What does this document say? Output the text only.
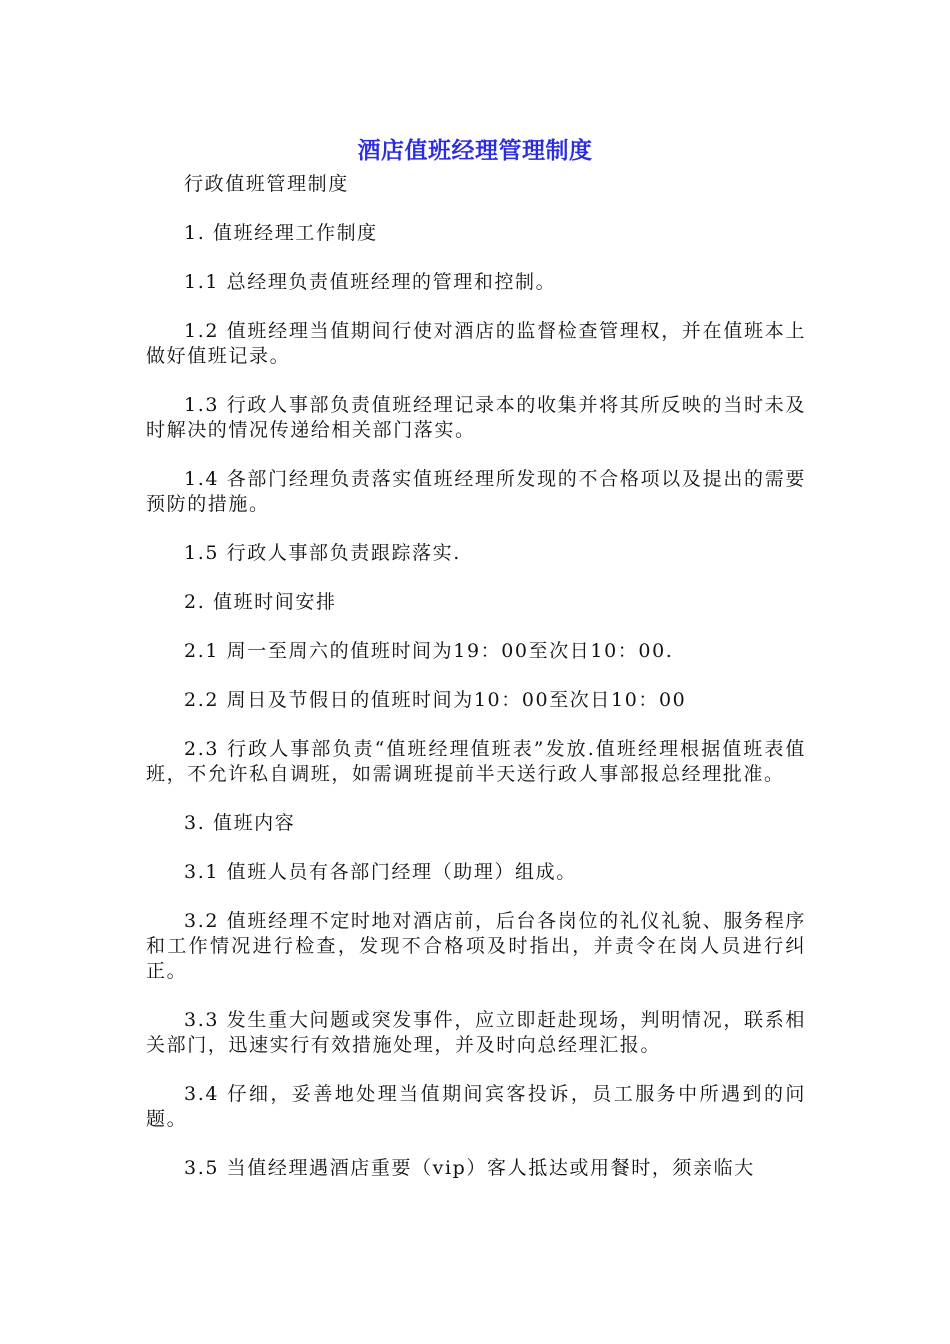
酒店值班经理管理制度

行政值班管理制度

1. 值班经理工作制度

1.1 总经理负责值班经理的管理和控制。

1.2 值班经理当值期间行使对酒店的监督检查管理权，并在值班本上做好值班记录。

1.3 行政人事部负责值班经理记录本的收集并将其所反映的当时未及时解决的情况传递给相关部门落实。

1.4 各部门经理负责落实值班经理所发现的不合格项以及提出的需要预防的措施。

1.5 行政人事部负责跟踪落实.

2. 值班时间安排

2.1 周一至周六的值班时间为19：00至次日10：00.

2.2 周日及节假日的值班时间为10：00至次日10：00

2.3 行政人事部负责“值班经理值班表”发放.值班经理根据值班表值班，不允许私自调班，如需调班提前半天送行政人事部报总经理批准。

3. 值班内容

3.1 值班人员有各部门经理（助理）组成。

3.2 值班经理不定时地对酒店前，后台各岗位的礼仪礼貌、服务程序和工作情况进行检查，发现不合格项及时指出，并责令在岗人员进行纠正。

3.3 发生重大问题或突发事件，应立即赶赴现场，判明情况，联系相关部门，迅速实行有效措施处理，并及时向总经理汇报。

3.4 仔细，妥善地处理当值期间宾客投诉，员工服务中所遇到的问题。

3.5 当值经理遇酒店重要（vip）客人抵达或用餐时，须亲临大
